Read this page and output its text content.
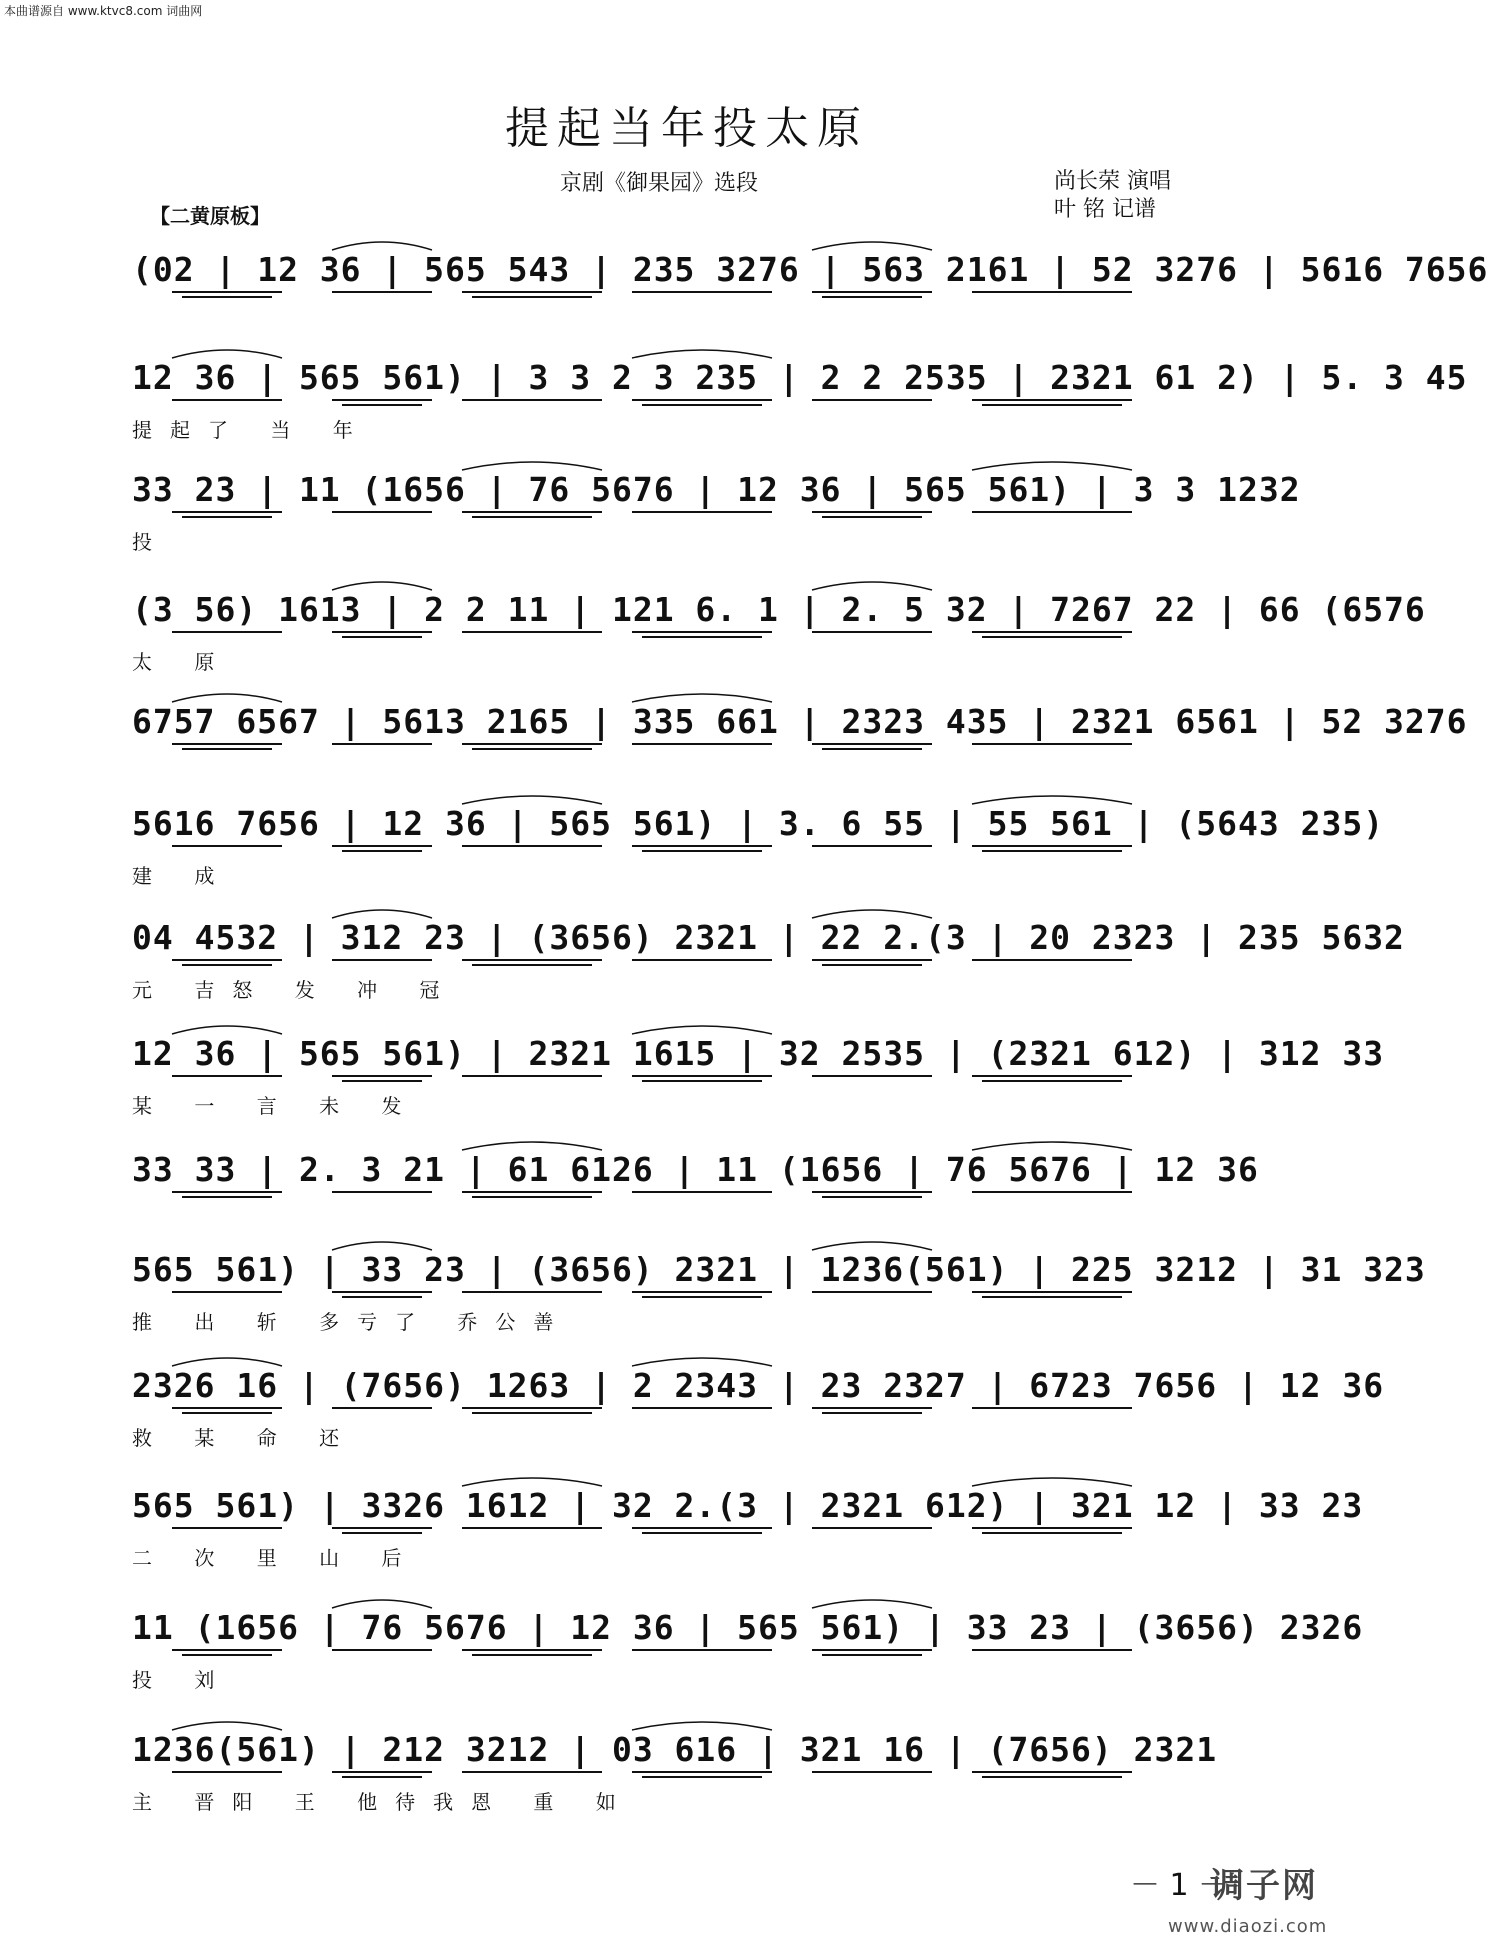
本曲谱源自 www.ktvc8.com 词曲网
提起当年投太原
京剧《御果园》选段	尚长荣 演唱
叶 铭 记谱
【二黄原板】
(02 | 12 36 | 565 543 | 235 3276 | 563 2161 | 52 3276 | 5616 7656
12 36 | 565 561) | 3 3 2 3 235 | 2 2 2535 | 2321 61 2) | 5. 3 45
提起了 当 年
33 23 | 11 (1656 | 76 5676 | 12 36 | 565 561) | 3 3 1232
投
(3 56) 1613 | 2 2 11 | 121 6. 1 | 2. 5 32 | 7267 22 | 66 (6576
太 原
6757 6567 | 5613 2165 | 335 661 | 2323 435 | 2321 6561 | 52 3276
5616 7656 | 12 36 | 565 561) | 3. 6 55 | 55 561 | (5643 235)
建 成
04 4532 | 312 23 | (3656) 2321 | 22 2.(3 | 20 2323 | 235 5632
元 吉怒 发 冲 冠
12 36 | 565 561) | 2321 1615 | 32 2535 | (2321 612) | 312 33
某 一 言 未 发
33 33 | 2. 3 21 | 61 6126 | 11 (1656 | 76 5676 | 12 36
565 561) | 33 23 | (3656) 2321 | 1236(561) | 225 3212 | 31 323
推 出 斩 多亏了 乔公善
2326 16 | (7656) 1263 | 2 2343 | 23 2327 | 6723 7656 | 12 36
救 某 命 还
565 561) | 3326 1612 | 32 2.(3 | 2321 612) | 321 12 | 33 23
二 次 里 山 后
11 (1656 | 76 5676 | 12 36 | 565 561) | 33 23 | (3656) 2326
投 刘
1236(561) | 212 3212 | 03 616 | 321 16 | (7656) 2321
主 晋阳 王 他待我恩 重 如
－ 1 －
调子网
www.diaozi.com
